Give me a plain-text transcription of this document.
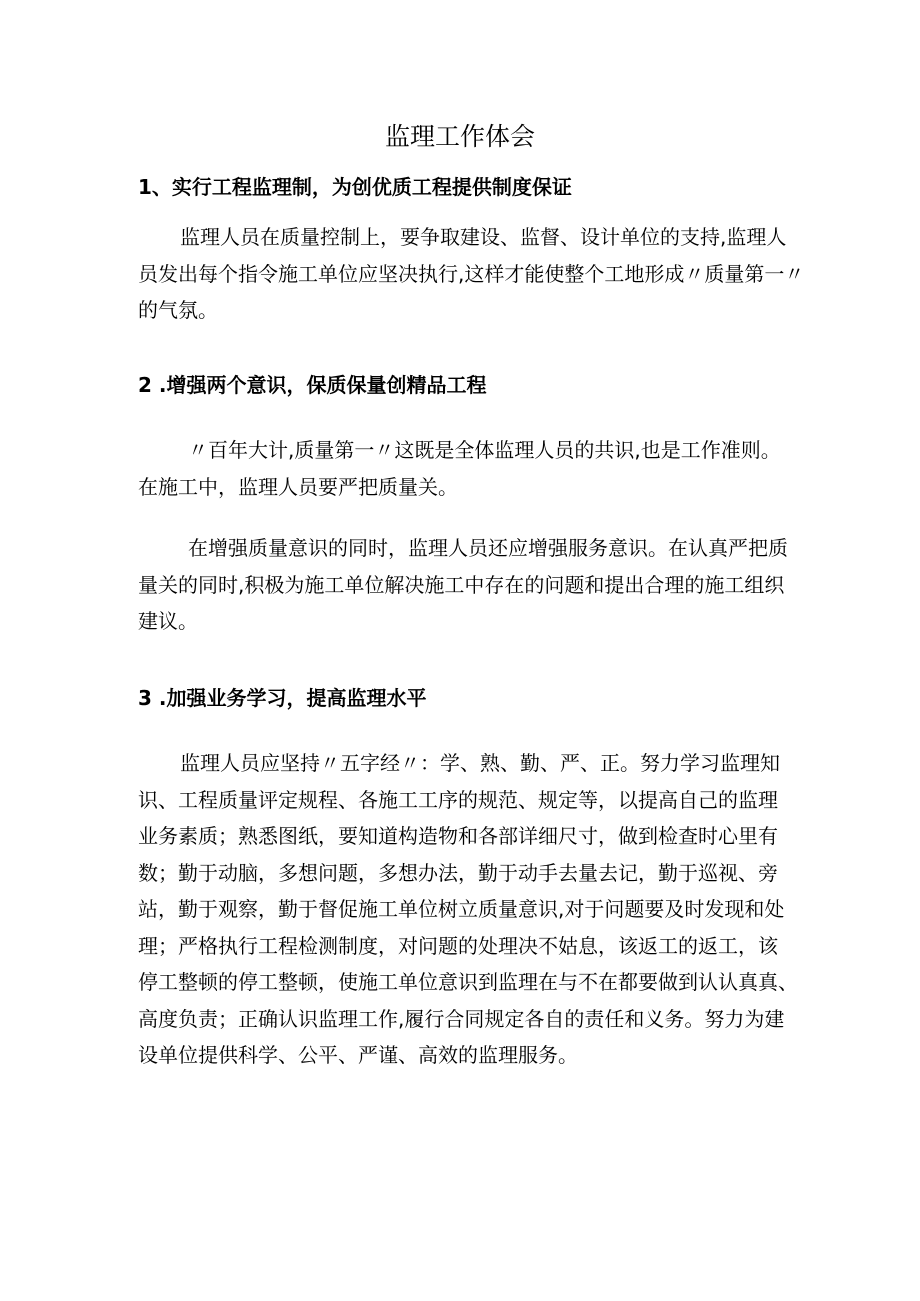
监理工作体会
1、实行工程监理制，为创优质工程提供制度保证
监理人员在质量控制上，要争取建设、监督、设计单位的支持,监理人
员发出每个指令施工单位应坚决执行,这样才能使整个工地形成〃质量第一〃
的气氛。
2 .增强两个意识，保质保量创精品工程
〃百年大计,质量第一〃这既是全体监理人员的共识,也是工作准则。
在施工中，监理人员要严把质量关。
在增强质量意识的同时，监理人员还应增强服务意识。在认真严把质
量关的同时,积极为施工单位解决施工中存在的问题和提出合理的施工组织
建议。
3 .加强业务学习，提高监理水平
监理人员应坚持〃五字经〃：学、熟、勤、严、正。努力学习监理知
识、工程质量评定规程、各施工工序的规范、规定等，以提高自己的监理
业务素质；熟悉图纸，要知道构造物和各部详细尺寸，做到检查时心里有
数；勤于动脑，多想问题，多想办法，勤于动手去量去记，勤于巡视、旁
站，勤于观察，勤于督促施工单位树立质量意识,对于问题要及时发现和处
理；严格执行工程检测制度，对问题的处理决不姑息，该返工的返工，该
停工整顿的停工整顿，使施工单位意识到监理在与不在都要做到认认真真、
高度负责；正确认识监理工作,履行合同规定各自的责任和义务。努力为建
设单位提供科学、公平、严谨、高效的监理服务。
